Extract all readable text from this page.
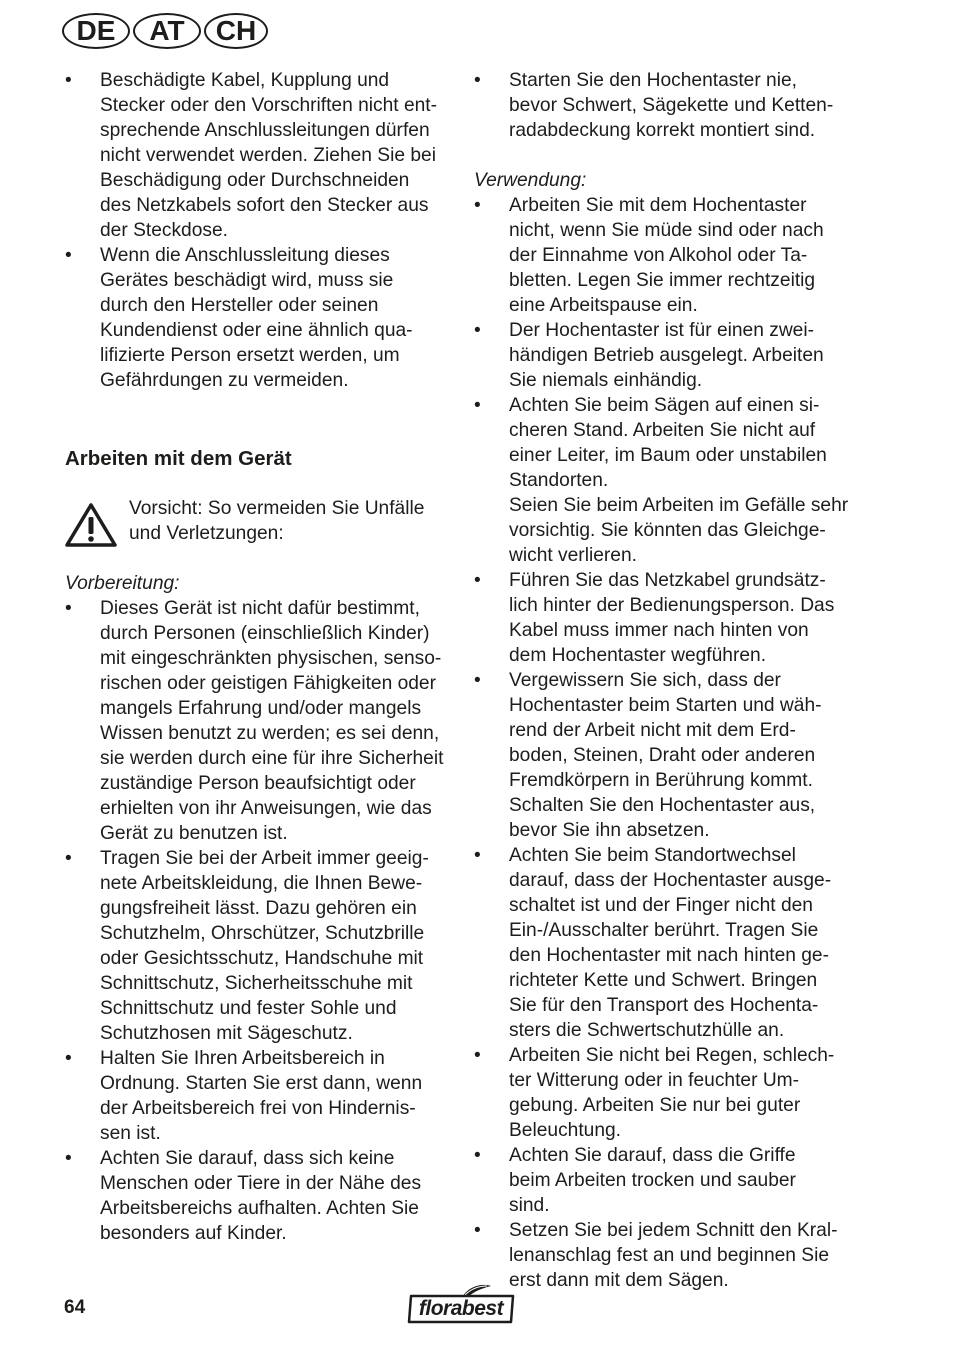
DE	AT	CH
• Beschädigte Kabel, Kupplung und
Stecker oder den Vorschriften nicht ent-
sprechende Anschlussleitungen dürfen
nicht verwendet werden. Ziehen Sie bei
Beschädigung oder Durchschneiden
des Netzkabels sofort den Stecker aus
der Steckdose.
• Wenn die Anschlussleitung dieses
Gerätes beschädigt wird, muss sie
durch den Hersteller oder seinen
Kundendienst oder eine ähnlich qua-
lifizierte Person ersetzt werden, um
Gefährdungen zu vermeiden.
Arbeiten mit dem Gerät
Vorsicht: So vermeiden Sie Unfälle
und Verletzungen:
Vorbereitung:
• Dieses Gerät ist nicht dafür bestimmt,
durch Personen (einschließlich Kinder)
mit eingeschränkten physischen, senso-
rischen oder geistigen Fähigkeiten oder
mangels Erfahrung und/oder mangels
Wissen benutzt zu werden; es sei denn,
sie werden durch eine für ihre Sicherheit
zuständige Person beaufsichtigt oder
erhielten von ihr Anweisungen, wie das
Gerät zu benutzen ist.
• Tragen Sie bei der Arbeit immer geeig-
nete Arbeitskleidung, die Ihnen Bewe-
gungsfreiheit lässt. Dazu gehören ein
Schutzhelm, Ohrschützer, Schutzbrille
oder Gesichtsschutz, Handschuhe mit
Schnittschutz, Sicherheitsschuhe mit
Schnittschutz und fester Sohle und
Schutzhosen mit Sägeschutz.
• Halten Sie Ihren Arbeitsbereich in
Ordnung. Starten Sie erst dann, wenn
der Arbeitsbereich frei von Hindernis-
sen ist.
• Achten Sie darauf, dass sich keine
Menschen oder Tiere in der Nähe des
Arbeitsbereichs aufhalten. Achten Sie
besonders auf Kinder.
• Starten Sie den Hochentaster nie,
bevor Schwert, Sägekette und Ketten-
radabdeckung korrekt montiert sind.
Verwendung:
• Arbeiten Sie mit dem Hochentaster
nicht, wenn Sie müde sind oder nach
der Einnahme von Alkohol oder Ta-
bletten. Legen Sie immer rechtzeitig
eine Arbeitspause ein.
• Der Hochentaster ist für einen zwei-
händigen Betrieb ausgelegt. Arbeiten
Sie niemals einhändig.
• Achten Sie beim Sägen auf einen si-
cheren Stand. Arbeiten Sie nicht auf
einer Leiter, im Baum oder unstabilen
Standorten.
Seien Sie beim Arbeiten im Gefälle sehr
vorsichtig. Sie könnten das Gleichge-
wicht verlieren.
• Führen Sie das Netzkabel grundsätz-
lich hinter der Bedienungsperson. Das
Kabel muss immer nach hinten von
dem Hochentaster wegführen.
• Vergewissern Sie sich, dass der
Hochentaster beim Starten und wäh-
rend der Arbeit nicht mit dem Erd-
boden, Steinen, Draht oder anderen
Fremdkörpern in Berührung kommt.
Schalten Sie den Hochentaster aus,
bevor Sie ihn absetzen.
• Achten Sie beim Standortwechsel
darauf, dass der Hochentaster ausge-
schaltet ist und der Finger nicht den
Ein-/Ausschalter berührt. Tragen Sie
den Hochentaster mit nach hinten ge-
richteter Kette und Schwert. Bringen
Sie für den Transport des Hochenta-
sters die Schwertschutzhülle an.
• Arbeiten Sie nicht bei Regen, schlech-
ter Witterung oder in feuchter Um-
gebung. Arbeiten Sie nur bei guter
Beleuchtung.
• Achten Sie darauf, dass die Griffe
beim Arbeiten trocken und sauber
sind.
• Setzen Sie bei jedem Schnitt den Kral-
lenanschlag fest an und beginnen Sie
erst dann mit dem Sägen.
64	florabest
